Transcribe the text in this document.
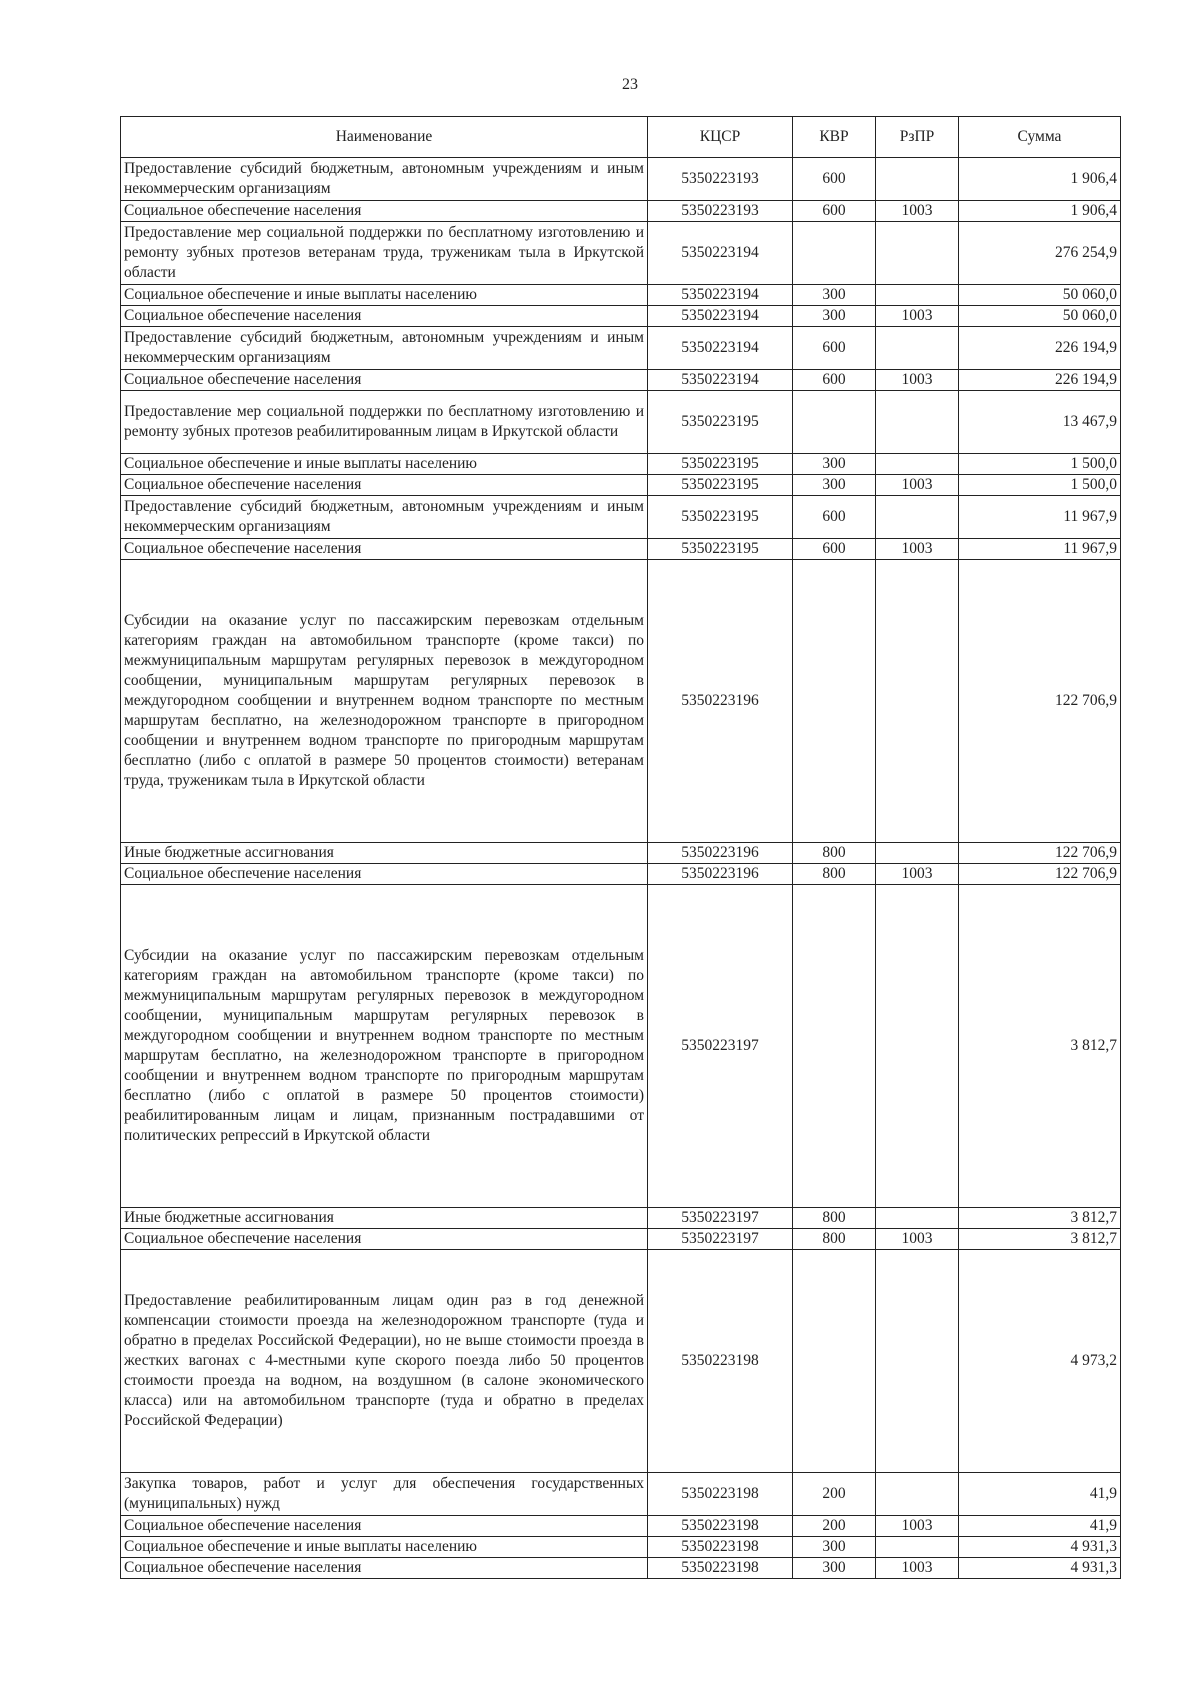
23
Наименование	КЦСР	КВР	РзПР	Сумма
Предоставление субсидий бюджетным, автономным учреждениям и иным некоммерческим организациям	5350223193	600		1 906,4
Социальное обеспечение населения	5350223193	600	1003	1 906,4
Предоставление мер социальной поддержки по бесплатному изготовлению и ремонту зубных протезов ветеранам труда, труженикам тыла в Иркутской области	5350223194			276 254,9
Социальное обеспечение и иные выплаты населению	5350223194	300		50 060,0
Социальное обеспечение населения	5350223194	300	1003	50 060,0
Предоставление субсидий бюджетным, автономным учреждениям и иным некоммерческим организациям	5350223194	600		226 194,9
Социальное обеспечение населения	5350223194	600	1003	226 194,9
Предоставление мер социальной поддержки по бесплатному изготовлению и ремонту зубных протезов реабилитированным лицам в Иркутской области	5350223195			13 467,9
Социальное обеспечение и иные выплаты населению	5350223195	300		1 500,0
Социальное обеспечение населения	5350223195	300	1003	1 500,0
Предоставление субсидий бюджетным, автономным учреждениям и иным некоммерческим организациям	5350223195	600		11 967,9
Социальное обеспечение населения	5350223195	600	1003	11 967,9
Субсидии на оказание услуг по пассажирским перевозкам отдельным категориям граждан на автомобильном транспорте (кроме такси) по межмуниципальным маршрутам регулярных перевозок в междугородном сообщении, муниципальным маршрутам регулярных перевозок в междугородном сообщении и внутреннем водном транспорте по местным маршрутам бесплатно, на железнодорожном транспорте в пригородном сообщении и внутреннем водном транспорте по пригородным маршрутам бесплатно (либо с оплатой в размере 50 процентов стоимости) ветеранам труда, труженикам тыла в Иркутской области	5350223196			122 706,9
Иные бюджетные ассигнования	5350223196	800		122 706,9
Социальное обеспечение населения	5350223196	800	1003	122 706,9
Субсидии на оказание услуг по пассажирским перевозкам отдельным категориям граждан на автомобильном транспорте (кроме такси) по межмуниципальным маршрутам регулярных перевозок в междугородном сообщении, муниципальным маршрутам регулярных перевозок в междугородном сообщении и внутреннем водном транспорте по местным маршрутам бесплатно, на железнодорожном транспорте в пригородном сообщении и внутреннем водном транспорте по пригородным маршрутам бесплатно (либо с оплатой в размере 50 процентов стоимости) реабилитированным лицам и лицам, признанным пострадавшими от политических репрессий в Иркутской области	5350223197			3 812,7
Иные бюджетные ассигнования	5350223197	800		3 812,7
Социальное обеспечение населения	5350223197	800	1003	3 812,7
Предоставление реабилитированным лицам один раз в год денежной компенсации стоимости проезда на железнодорожном транспорте (туда и обратно в пределах Российской Федерации), но не выше стоимости проезда в жестких вагонах с 4-местными купе скорого поезда либо 50 процентов стоимости проезда на водном, на воздушном (в салоне экономического класса) или на автомобильном транспорте (туда и обратно в пределах Российской Федерации)	5350223198			4 973,2
Закупка товаров, работ и услуг для обеспечения государственных (муниципальных) нужд	5350223198	200		41,9
Социальное обеспечение населения	5350223198	200	1003	41,9
Социальное обеспечение и иные выплаты населению	5350223198	300		4 931,3
Социальное обеспечение населения	5350223198	300	1003	4 931,3
